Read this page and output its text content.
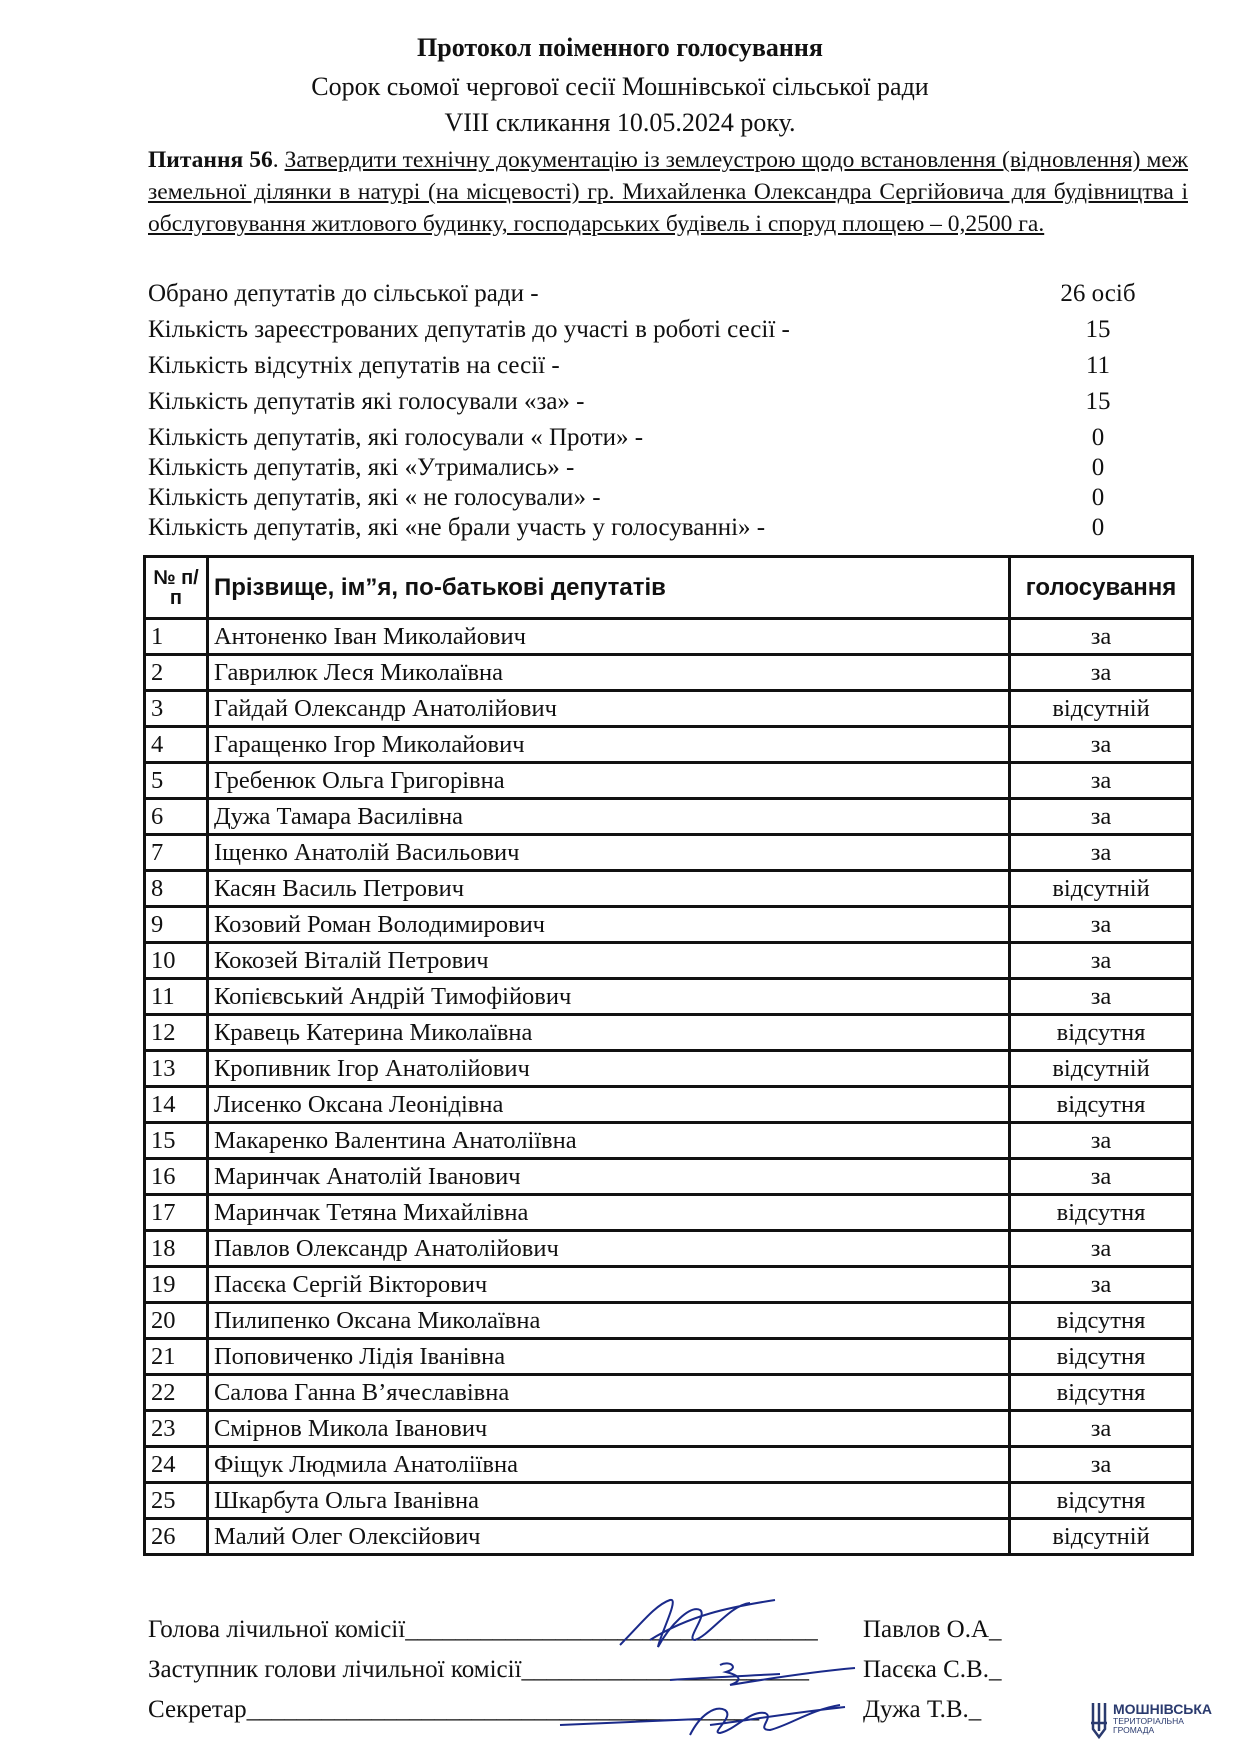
Протокол поіменного голосування
Сорок сьомої чергової сесії Мошнівської сільської ради
VIII скликання 10.05.2024 року.
Питання 56. Затвердити технічну документацію із землеустрою щодо встановлення (відновлення) меж земельної ділянки в натурі (на місцевості) гр. Михайленка Олександра Сергійовича для будівництва і обслуговування житлового будинку, господарських будівель і споруд площею – 0,2500 га.
Обрано депутатів до сільської ради -	26 осіб
Кількість зареєстрованих депутатів до участі в роботі сесії -	15
Кількість відсутніх депутатів на сесії -	11
Кількість депутатів які голосували «за» -	15
Кількість депутатів, які голосували « Проти» -	0
Кількість депутатів, які «Утримались» -	0
Кількість депутатів, які « не голосували» -	0
Кількість депутатів, які «не брали участь у голосуванні» -	0
№ п/п	Прізвище, ім”я, по-батькові депутатів	голосування
1	Антоненко Іван Миколайович	за
2	Гаврилюк Леся Миколаївна	за
3	Гайдай Олександр Анатолійович	відсутній
4	Гаращенко Ігор Миколайович	за
5	Гребенюк Ольга Григорівна	за
6	Дужа Тамара Василівна	за
7	Іщенко Анатолій Васильович	за
8	Касян Василь Петрович	відсутній
9	Козовий Роман Володимирович	за
10	Кокозей Віталій Петрович	за
11	Копієвський Андрій Тимофійович	за
12	Кравець Катерина Миколаївна	відсутня
13	Кропивник Ігор Анатолійович	відсутній
14	Лисенко Оксана Леонідівна	відсутня
15	Макаренко Валентина Анатоліївна	за
16	Маринчак Анатолій Іванович	за
17	Маринчак Тетяна Михайлівна	відсутня
18	Павлов Олександр Анатолійович	за
19	Пасєка Сергій Вікторович	за
20	Пилипенко Оксана Миколаївна	відсутня
21	Поповиченко Лідія Іванівна	відсутня
22	Салова Ганна В’ячеславівна	відсутня
23	Смірнов Микола Іванович	за
24	Фіщук Людмила Анатоліївна	за
25	Шкарбута Ольга Іванівна	відсутня
26	Малий Олег Олексійович	відсутній
Голова лічильної комісії_________________________________ Павлов О.А_
Заступник голови лічильної комісії_______________________ Пасєка С.В._
Секретар_________________________________________	Дужа Т.В._	МОШНІВСЬКА
ТЕРИТОРІАЛЬНА
ГРОМАДА
